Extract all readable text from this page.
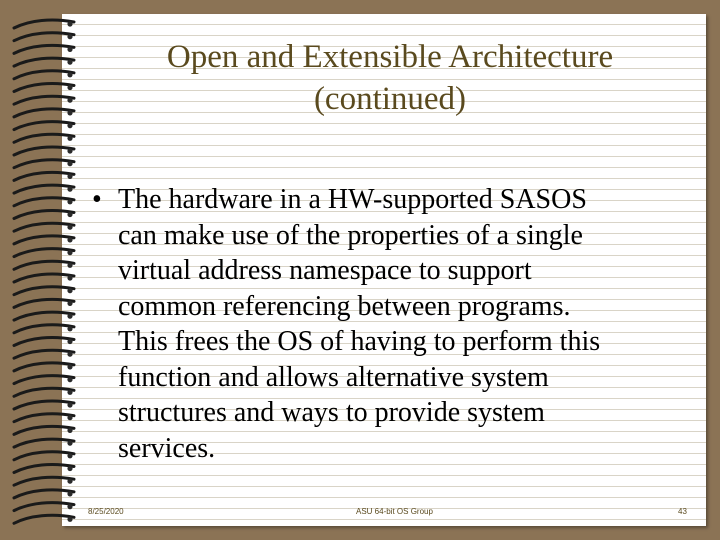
Open and Extensible Architecture
(continued)
• The hardware in a HW-supported SASOS
can make use of the properties of a single
virtual address namespace to support
common referencing between programs.
This frees the OS of having to perform this
function and allows alternative system
structures and ways to provide system
services.
8/25/2020	ASU 64-bit OS Group	43
